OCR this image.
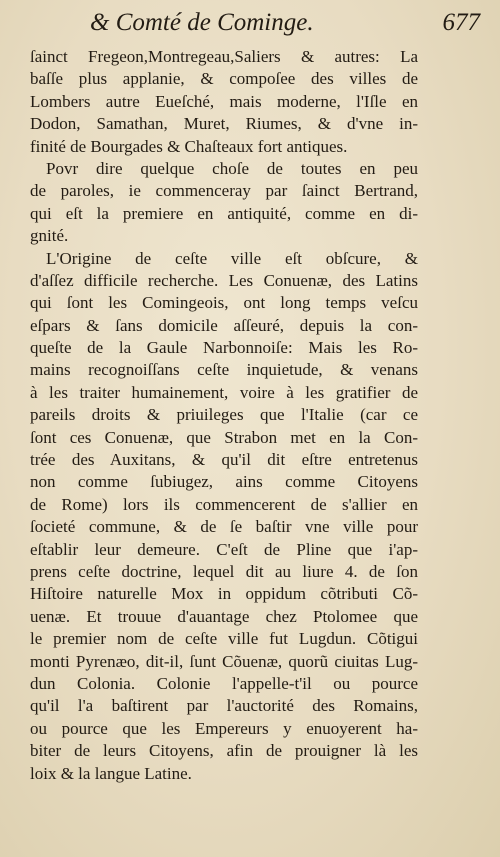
& Comté de Cominge.	677
ſainct Fregeon,Montregeau,Saliers & autres: La
baſſe plus applanie, & compoſee des villes de
Lombers autre Eueſché, mais moderne, l'Iſle en
Dodon, Samathan, Muret, Riumes, & d'vne in-
finité de Bourgades & Chaſteaux fort antiques.
Povr dire quelque choſe de toutes en peu
de paroles, ie commenceray par ſainct Bertrand,
qui eſt la premiere en antiquité, comme en di-
gnité.
L'Origine de ceſte ville eſt obſcure, &
d'aſſez difficile recherche. Les Conuenæ, des Latins
qui ſont les Comingeois, ont long temps veſcu
eſpars & ſans domicile aſſeuré, depuis la con-
queſte de la Gaule Narbonnoiſe: Mais les Ro-
mains recognoiſſans ceſte inquietude, & venans
à les traiter humainement, voire à les gratifier de
pareils droits & priuileges que l'Italie (car ce
ſont ces Conuenæ, que Strabon met en la Con-
trée des Auxitans, & qu'il dit eſtre entretenus
non comme ſubiugez, ains comme Citoyens
de Rome) lors ils commencerent de s'allier en
ſocieté commune, & de ſe baſtir vne ville pour
eſtablir leur demeure. C'eſt de Pline que i'ap-
prens ceſte doctrine, lequel dit au liure 4. de ſon
Hiſtoire naturelle Mox in oppidum cõtributi Cõ-
uenæ. Et trouue d'auantage chez Ptolomee que
le premier nom de ceſte ville fut Lugdun. Cõtigui
monti Pyrenæo, dit-il, ſunt Cõuenæ, quorũ ciuitas Lug-
dun Colonia. Colonie l'appelle-t'il ou pource
qu'il l'a baſtirent par l'auctorité des Romains,
ou pource que les Empereurs y enuoyerent ha-
biter de leurs Citoyens, afin de prouigner là les
loix & la langue Latine.
